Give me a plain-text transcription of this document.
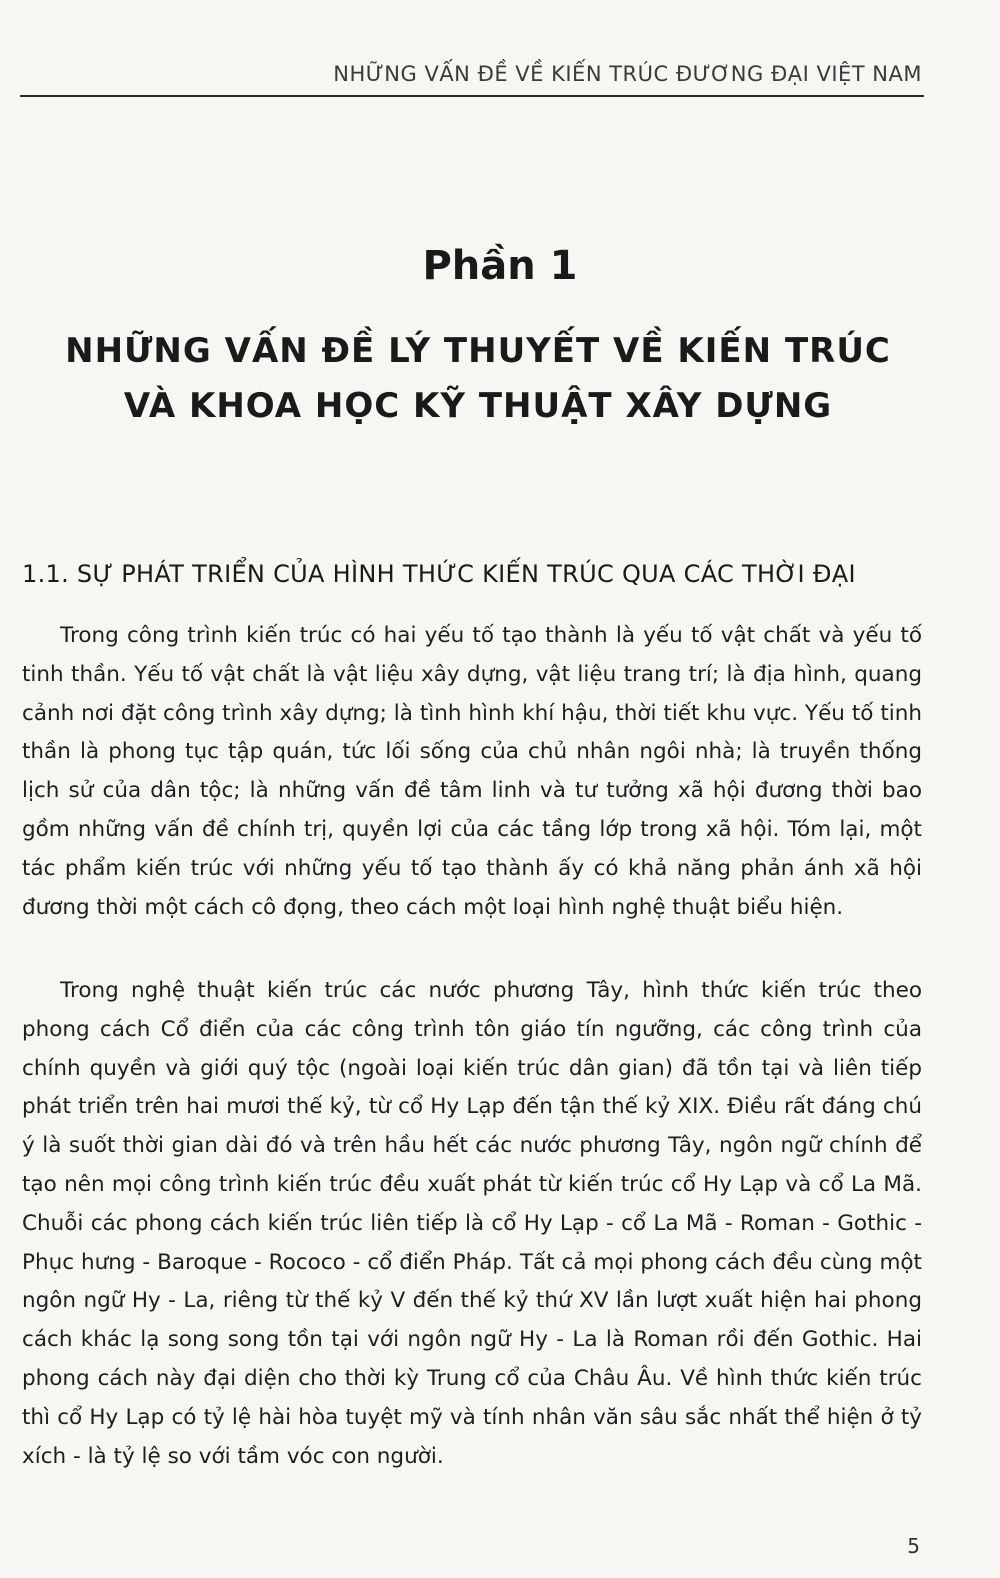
NHỮNG VẤN ĐỀ VỀ KIẾN TRÚC ĐƯƠNG ĐẠI VIỆT NAM
Phần 1
NHỮNG VẤN ĐỀ LÝ THUYẾT VỀ KIẾN TRÚC
VÀ KHOA HỌC KỸ THUẬT XÂY DỰNG
1.1. SỰ PHÁT TRIỂN CỦA HÌNH THỨC KIẾN TRÚC QUA CÁC THỜI ĐẠI

Trong công trình kiến trúc có hai yếu tố tạo thành là yếu tố vật chất và yếu tố tinh thần. Yếu tố vật chất là vật liệu xây dựng, vật liệu trang trí; là địa hình, quang cảnh nơi đặt công trình xây dựng; là tình hình khí hậu, thời tiết khu vực. Yếu tố tinh thần là phong tục tập quán, tức lối sống của chủ nhân ngôi nhà; là truyền thống lịch sử của dân tộc; là những vấn đề tâm linh và tư tưởng xã hội đương thời bao gồm những vấn đề chính trị, quyền lợi của các tầng lớp trong xã hội. Tóm lại, một tác phẩm kiến trúc với những yếu tố tạo thành ấy có khả năng phản ánh xã hội đương thời một cách cô đọng, theo cách một loại hình nghệ thuật biểu hiện.

Trong nghệ thuật kiến trúc các nước phương Tây, hình thức kiến trúc theo phong cách Cổ điển của các công trình tôn giáo tín ngưỡng, các công trình của chính quyền và giới quý tộc (ngoài loại kiến trúc dân gian) đã tồn tại và liên tiếp phát triển trên hai mươi thế kỷ, từ cổ Hy Lạp đến tận thế kỷ XIX. Điều rất đáng chú ý là suốt thời gian dài đó và trên hầu hết các nước phương Tây, ngôn ngữ chính để tạo nên mọi công trình kiến trúc đều xuất phát từ kiến trúc cổ Hy Lạp và cổ La Mã. Chuỗi các phong cách kiến trúc liên tiếp là cổ Hy Lạp - cổ La Mã - Roman - Gothic - Phục hưng - Baroque - Rococo - cổ điển Pháp. Tất cả mọi phong cách đều cùng một ngôn ngữ Hy - La, riêng từ thế kỷ V đến thế kỷ thứ XV lần lượt xuất hiện hai phong cách khác lạ song song tồn tại với ngôn ngữ Hy - La là Roman rồi đến Gothic. Hai phong cách này đại diện cho thời kỳ Trung cổ của Châu Âu. Về hình thức kiến trúc thì cổ Hy Lạp có tỷ lệ hài hòa tuyệt mỹ và tính nhân văn sâu sắc nhất thể hiện ở tỷ xích - là tỷ lệ so với tầm vóc con người.

5
